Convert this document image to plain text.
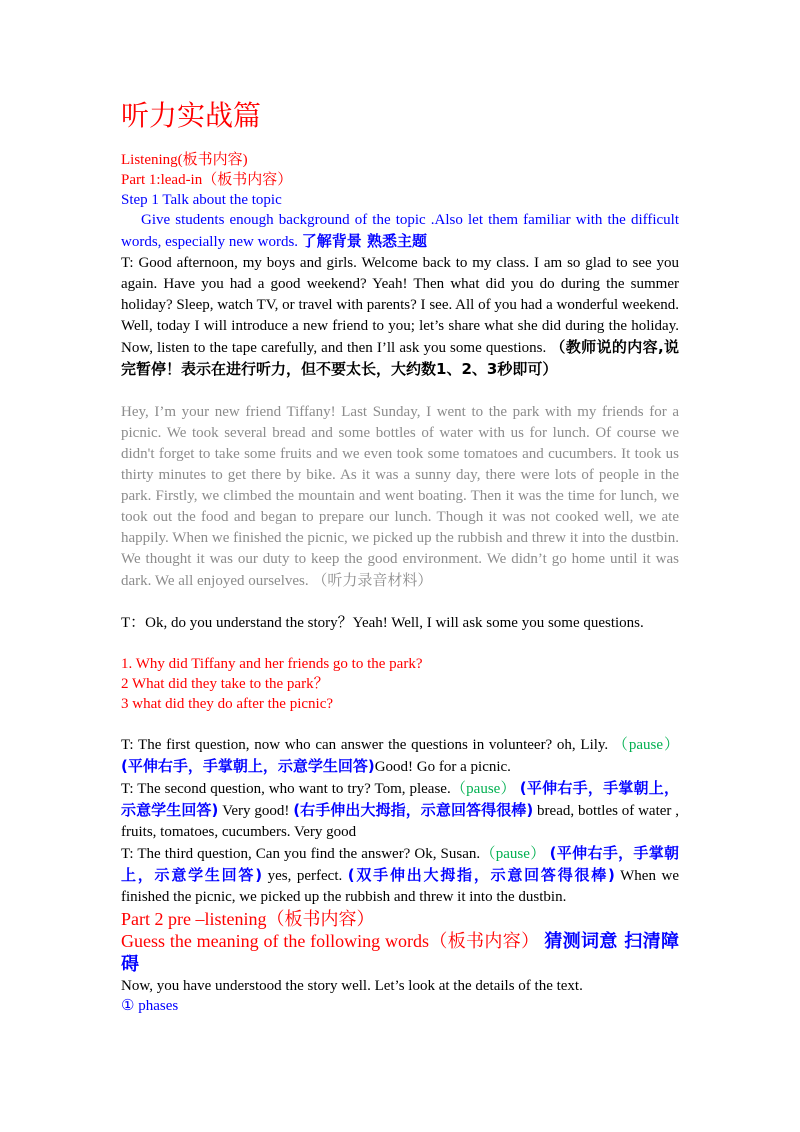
听力实战篇

Listening(板书内容)

Part 1:lead-in（板书内容）

Step 1 Talk about the topic

Give students enough background of the topic .Also let them familiar with the difficult words, especially new words. 了解背景 熟悉主题

T: Good afternoon, my boys and girls. Welcome back to my class. I am so glad to see you again. Have you had a good weekend? Yeah! Then what did you do during the summer holiday? Sleep, watch TV, or travel with parents? I see. All of you had a wonderful weekend. Well, today I will introduce a new friend to you; let’s share what she did during the holiday. Now, listen to the tape carefully, and then I’ll ask you some questions. （教师说的内容,说完暂停！表示在进行听力，但不要太长，大约数1、2、3秒即可）

Hey, I’m your new friend Tiffany! Last Sunday, I went to the park with my friends for a picnic. We took several bread and some bottles of water with us for lunch. Of course we didn't forget to take some fruits and we even took some tomatoes and cucumbers. It took us thirty minutes to get there by bike. As it was a sunny day, there were lots of people in the park. Firstly, we climbed the mountain and went boating. Then it was the time for lunch, we took out the food and began to prepare our lunch. Though it was not cooked well, we ate happily. When we finished the picnic, we picked up the rubbish and threw it into the dustbin. We thought it was our duty to keep the good environment. We didn’t go home until it was dark. We all enjoyed ourselves. （听力录音材料）

T：Ok, do you understand the story？Yeah! Well, I will ask some you some questions.

1. Why did Tiffany and her friends go to the park?

2 What did they take to the park？

3 what did they do after the picnic?

T: The first question, now who can answer the questions in volunteer? oh, Lily. （pause）(平伸右手，手掌朝上，示意学生回答)Good! Go for a picnic.

T: The second question, who want to try? Tom, please.（pause） (平伸右手，手掌朝上，示意学生回答) Very good! (右手伸出大拇指，示意回答得很棒) bread, bottles of water , fruits, tomatoes, cucumbers. Very good

T: The third question, Can you find the answer? Ok, Susan.（pause） (平伸右手，手掌朝上，示意学生回答) yes, perfect. (双手伸出大拇指，示意回答得很棒) When we finished the picnic, we picked up the rubbish and threw it into the dustbin.

Part 2 pre –listening（板书内容）

Guess the meaning of the following words（板书内容） 猜测词意 扫清障碍

Now, you have understood the story well. Let’s look at the details of the text.

① phases
